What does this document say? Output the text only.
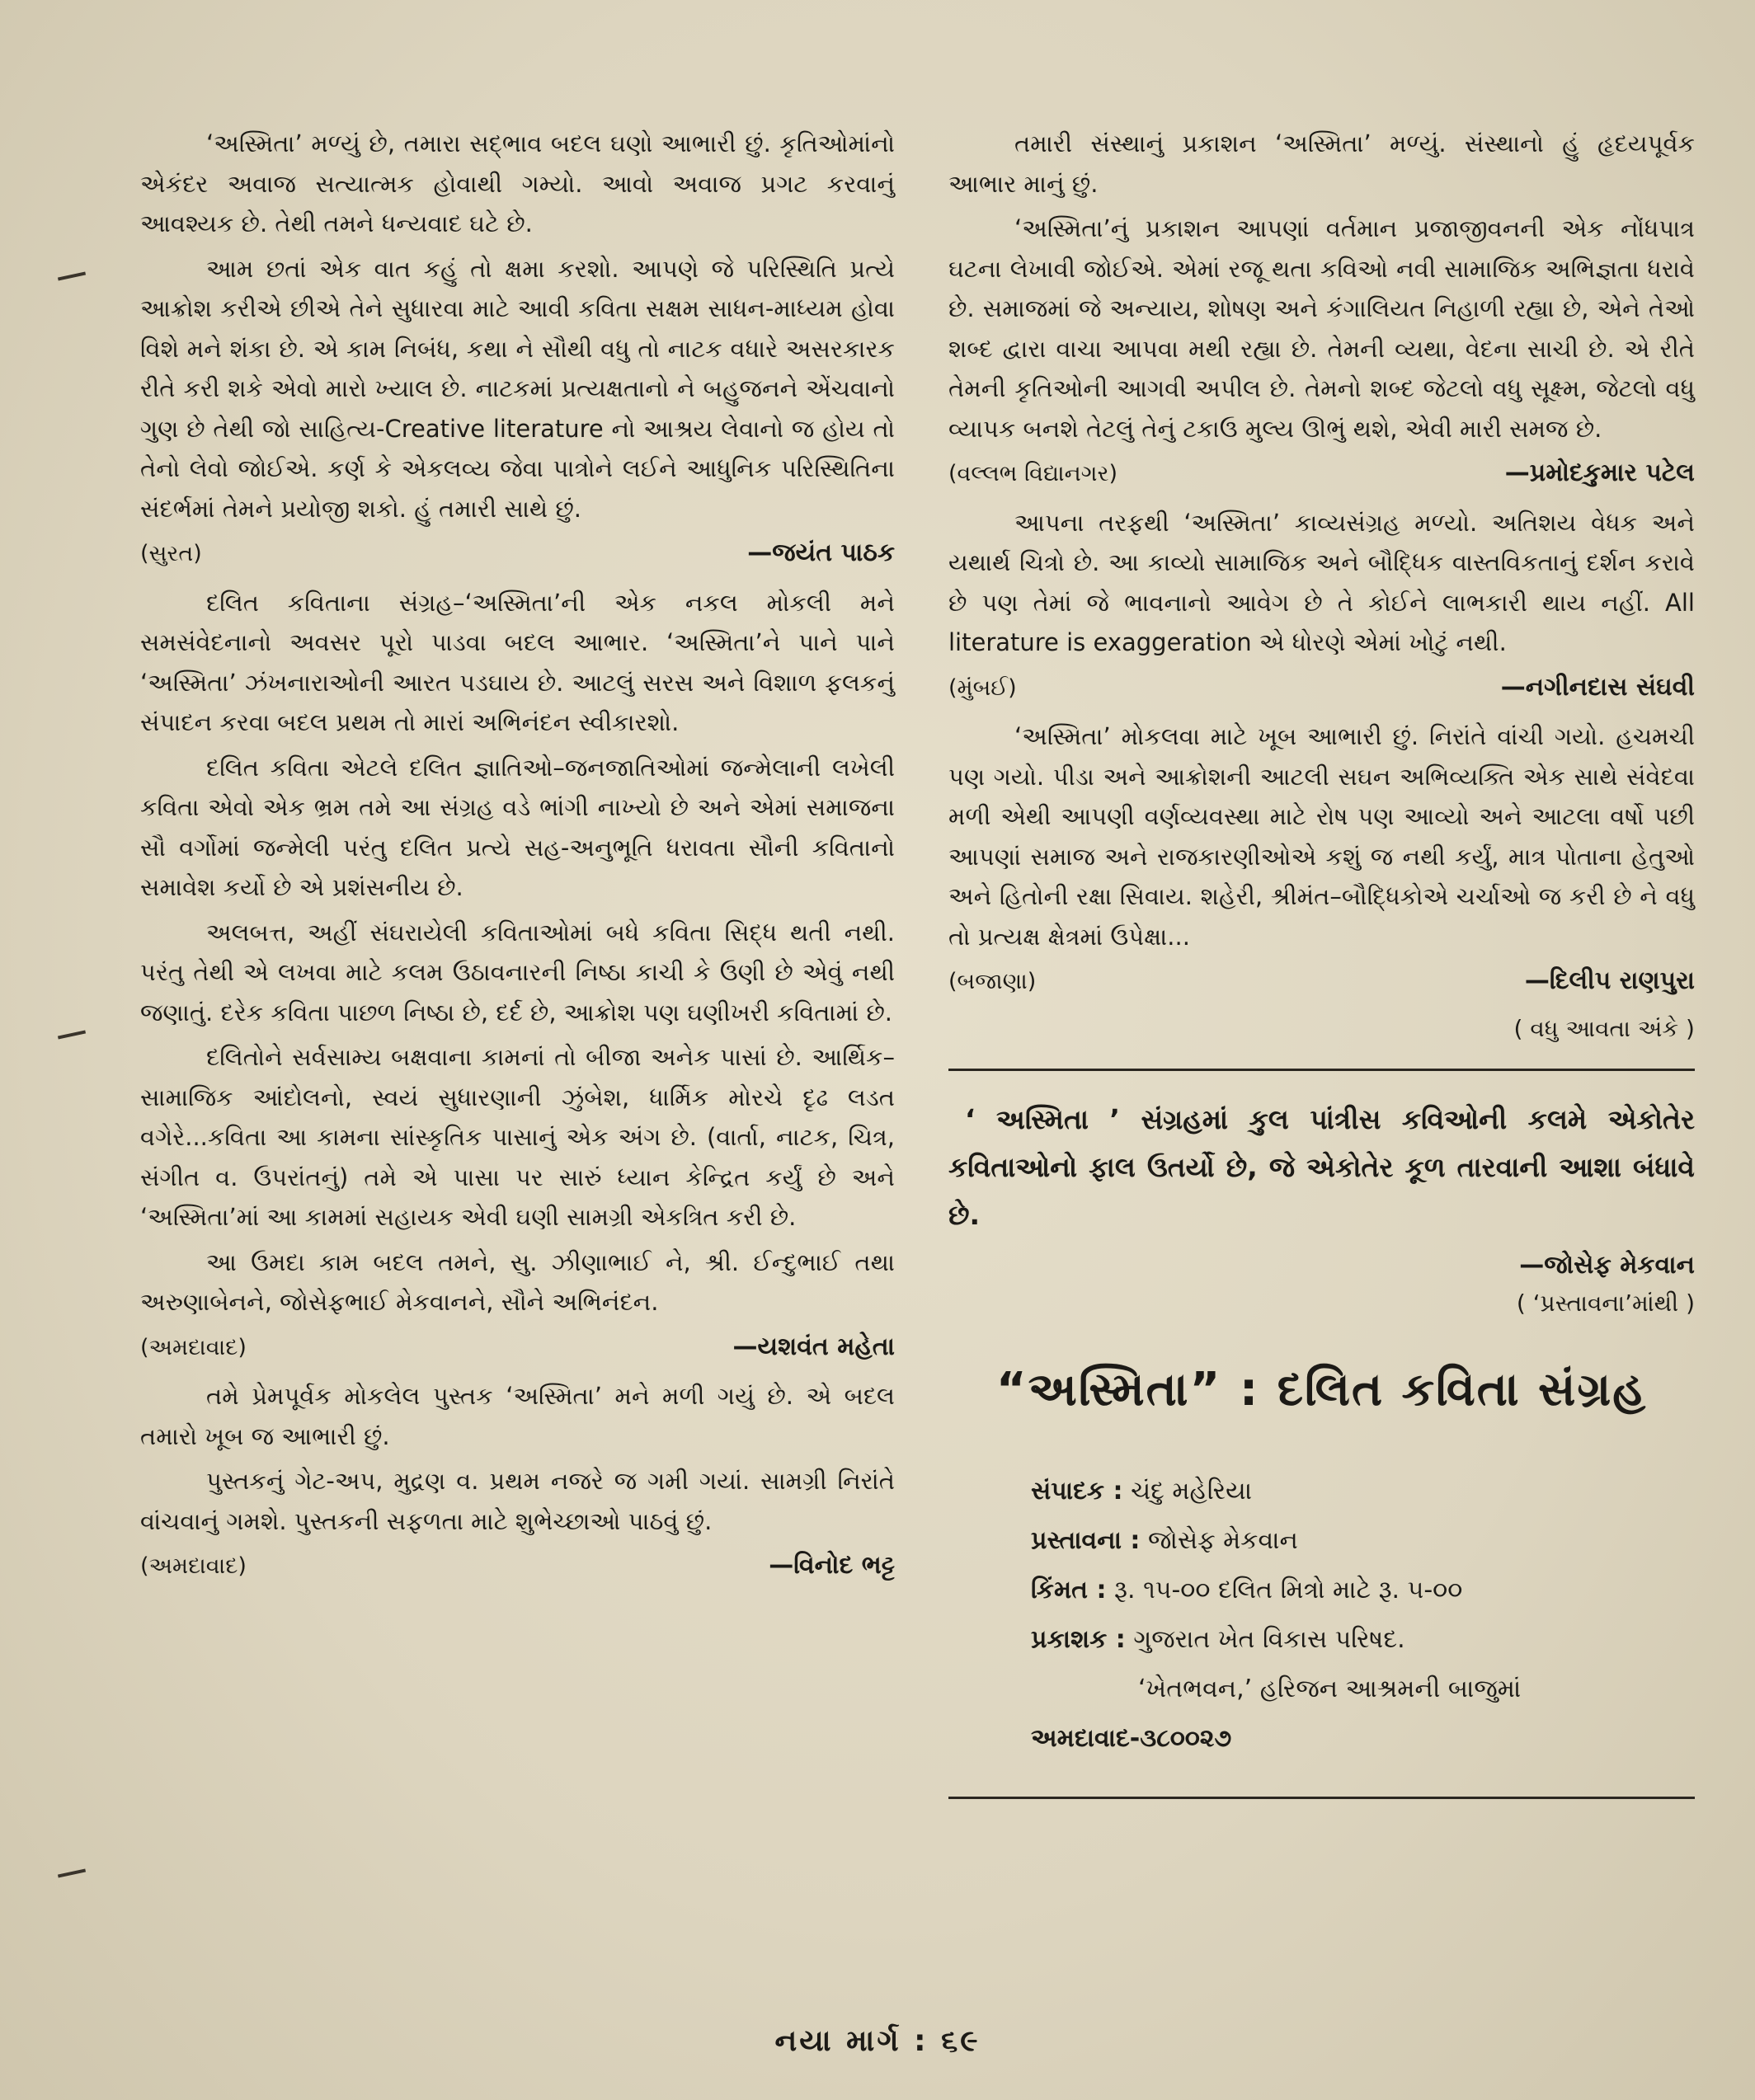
‘અસ્મિતા’ મળ્યું છે, તમારા સદ્ભાવ બદલ ઘણો આભારી છું. કૃતિઓમાંનો એકંદર અવાજ સત્યાત્મક હોવાથી ગમ્યો. આવો અવાજ પ્રગટ કરવાનું આવશ્યક છે. તેથી તમને ધન્યવાદ ઘટે છે.

આમ છતાં એક વાત કહું તો ક્ષમા કરશો. આપણે જે પરિસ્થિતિ પ્રત્યે આક્રોશ કરીએ છીએ તેને સુધારવા માટે આવી કવિતા સક્ષમ સાધન-માધ્યમ હોવા વિશે મને શંકા છે. એ કામ નિબંધ, કથા ને સૌથી વધુ તો નાટક વધારે અસરકારક રીતે કરી શકે એવો મારો ખ્યાલ છે. નાટકમાં પ્રત્યક્ષતાનો ને બહુજનને એંચવાનો ગુણ છે તેથી જો સાહિત્ય-Creative literature નો આશ્રય લેવાનો જ હોય તો તેનો લેવો જોઈએ. કર્ણ કે એકલવ્ય જેવા પાત્રોને લઈને આધુનિક પરિસ્થિતિના સંદર્ભમાં તેમને પ્રયોજી શકો. હું તમારી સાથે છું.

(સુરત)	—જયંત પાઠક

દલિત કવિતાના સંગ્રહ–‘અસ્મિતા’ની એક નકલ મોકલી મને સમસંવેદનાનો અવસર પૂરો પાડવા બદલ આભાર. ‘અસ્મિતા’ને પાને પાને ‘અસ્મિતા’ ઝંખનારાઓની આરત પડઘાય છે. આટલું સરસ અને વિશાળ ફલકનું સંપાદન કરવા બદલ પ્રથમ તો મારાં અભિનંદન સ્વીકારશો.

દલિત કવિતા એટલે દલિત જ્ઞાતિઓ–જનજાતિઓમાં જન્મેલાની લખેલી કવિતા એવો એક ભ્રમ તમે આ સંગ્રહ વડે ભાંગી નાખ્યો છે અને એમાં સમાજના સૌ વર્ગોમાં જન્મેલી પરંતુ દલિત પ્રત્યે સહ-અનુભૂતિ ધરાવતા સૌની કવિતાનો સમાવેશ કર્યો છે એ પ્રશંસનીય છે.

અલબત્ત, અહીં સંઘરાયેલી કવિતાઓમાં બધે કવિતા સિદ્ધ થતી નથી. પરંતુ તેથી એ લખવા માટે કલમ ઉઠાવનારની નિષ્ઠા કાચી કે ઉણી છે એવું નથી જણાતું. દરેક કવિતા પાછળ નિષ્ઠા છે, દર્દ છે, આક્રોશ પણ ઘણીખરી કવિતામાં છે.

દલિતોને સર્વસામ્ય બક્ષવાના કામનાં તો બીજા અનેક પાસાં છે. આર્થિક–સામાજિક આંદોલનો, સ્વયં સુધારણાની ઝુંબેશ, ધાર્મિક મોરચે દૃઢ લડત વગેરે...કવિતા આ કામના સાંસ્કૃતિક પાસાનું એક અંગ છે. (વાર્તા, નાટક, ચિત્ર, સંગીત વ. ઉપરાંતનું) તમે એ પાસા પર સારું ધ્યાન કેન્દ્રિત કર્યું છે અને ‘અસ્મિતા’માં આ કામમાં સહાયક એવી ઘણી સામગ્રી એકત્રિત કરી છે.

આ ઉમદા કામ બદલ તમને, સુ. ઝીણાભાઈ ને, શ્રી. ઈન્દુભાઈ તથા અરુણાબેનને, જોસેફભાઈ મેકવાનને, સૌને અભિનંદન.

(અમદાવાદ)	—યશવંત મહેતા

તમે પ્રેમપૂર્વક મોકલેલ પુસ્તક ‘અસ્મિતા’ મને મળી ગયું છે. એ બદલ તમારો ખૂબ જ આભારી છું.

પુસ્તકનું ગેટ-અપ, મુદ્રણ વ. પ્રથમ નજરે જ ગમી ગયાં. સામગ્રી નિરાંતે વાંચવાનું ગમશે. પુસ્તકની સફળતા માટે શુભેચ્છાઓ પાઠવું છું.

(અમદાવાદ)	—વિનોદ ભટ્ટ

તમારી સંસ્થાનું પ્રકાશન ‘અસ્મિતા’ મળ્યું. સંસ્થાનો હું હૃદયપૂર્વક આભાર માનું છું.

‘અસ્મિતા’નું પ્રકાશન આપણાં વર્તમાન પ્રજાજીવનની એક નોંધપાત્ર ઘટના લેખાવી જોઈએ. એમાં રજૂ થતા કવિઓ નવી સામાજિક અભિજ્ઞતા ધરાવે છે. સમાજમાં જે અન્યાય, શોષણ અને કંગાલિયત નિહાળી રહ્યા છે, એને તેઓ શબ્દ દ્વારા વાચા આપવા મથી રહ્યા છે. તેમની વ્યથા, વેદના સાચી છે. એ રીતે તેમની કૃતિઓની આગવી અપીલ છે. તેમનો શબ્દ જેટલો વધુ સૂક્ષ્મ, જેટલો વધુ વ્યાપક બનશે તેટલું તેનું ટકાઉ મુલ્ય ઊભું થશે, એવી મારી સમજ છે.

(વલ્લભ વિદ્યાનગર)	—પ્રમોદકુમાર પટેલ

આપના તરફથી ‘અસ્મિતા’ કાવ્યસંગ્રહ મળ્યો. અતિશય વેધક અને યથાર્થ ચિત્રો છે. આ કાવ્યો સામાજિક અને બૌદ્ધિક વાસ્તવિકતાનું દર્શન કરાવે છે પણ તેમાં જે ભાવનાનો આવેગ છે તે કોઈને લાભકારી થાય નહીં. All literature is exaggeration એ ધોરણે એમાં ખોટું નથી.

(મુંબઈ)	—નગીનદાસ સંઘવી

‘અસ્મિતા’ મોકલવા માટે ખૂબ આભારી છું. નિરાંતે વાંચી ગયો. હચમચી પણ ગયો. પીડા અને આક્રોશની આટલી સઘન અભિવ્યક્તિ એક સાથે સંવેદવા મળી એથી આપણી વર્ણવ્યવસ્થા માટે રોષ પણ આવ્યો અને આટલા વર્ષો પછી આપણાં સમાજ અને રાજકારણીઓએ કશું જ નથી કર્યું, માત્ર પોતાના હેતુઓ અને હિતોની રક્ષા સિવાય. શહેરી, શ્રીમંત–બૌદ્ધિકોએ ચર્ચાઓ જ કરી છે ને વધુ તો પ્રત્યક્ષ ક્ષેત્રમાં ઉપેક્ષા...

(બજાણા)	—દિલીપ રાણપુરા
( વધુ આવતા અંકે )

‘ અસ્મિતા ’ સંગ્રહમાં કુલ પાંત્રીસ કવિઓની કલમે એકોતેર કવિતાઓનો ફાલ ઉતર્યો છે, જે એકોતેર કૂળ તારવાની આશા બંધાવે છે.

—જોસેફ મેકવાન
( ‘પ્રસ્તાવના’માંથી )
“અસ્મિતા” : દલિત કવિતા સંગ્રહ
સંપાદક : ચંદુ મહેરિયા
પ્રસ્તાવના : જોસેફ મેકવાન
કિંમત : રૂ. ૧૫-૦૦ દલિત મિત્રો માટે રૂ. ૫-૦૦
પ્રકાશક : ગુજરાત ખેત વિકાસ પરિષદ.
‘ખેતભવન,’ હરિજન આશ્રમની બાજુમાં
અમદાવાદ-૩૮૦૦૨૭
નયા માર્ગ : ૬૯
